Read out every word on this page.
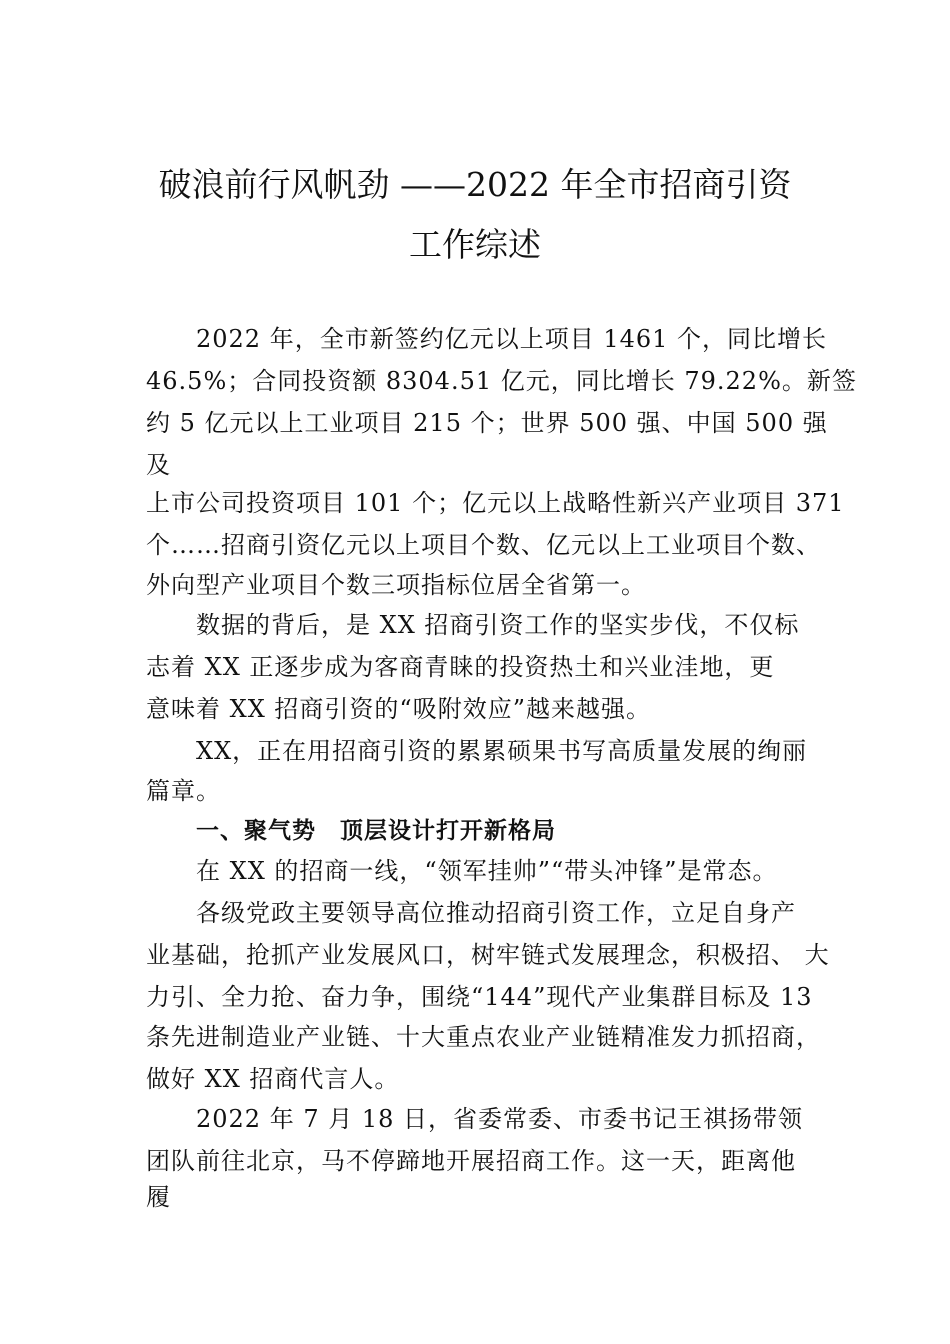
破浪前行风帆劲 ——2022 年全市招商引资
工作综述
2022 年，全市新签约亿元以上项目 1461 个，同比增长
46.5%；合同投资额 8304.51 亿元，同比增长 79.22%。新签
约 5 亿元以上工业项目 215 个；世界 500 强、中国 500 强
及
上市公司投资项目 101 个；亿元以上战略性新兴产业项目 371
个……招商引资亿元以上项目个数、亿元以上工业项目个数、
外向型产业项目个数三项指标位居全省第一。
数据的背后，是 XX 招商引资工作的坚实步伐，不仅标
志着 XX 正逐步成为客商青睐的投资热土和兴业洼地，更
意味着 XX 招商引资的“吸附效应”越来越强。
XX，正在用招商引资的累累硕果书写高质量发展的绚丽
篇章。
一、聚气势　顶层设计打开新格局
在 XX 的招商一线，“领军挂帅”“带头冲锋”是常态。
各级党政主要领导高位推动招商引资工作，立足自身产
业基础，抢抓产业发展风口，树牢链式发展理念，积极招、 大
力引、全力抢、奋力争，围绕“144”现代产业集群目标及 13
条先进制造业产业链、十大重点农业产业链精准发力抓招商，
做好 XX 招商代言人。
2022 年 7 月 18 日，省委常委、市委书记王祺扬带领
团队前往北京，马不停蹄地开展招商工作。这一天，距离他
履
